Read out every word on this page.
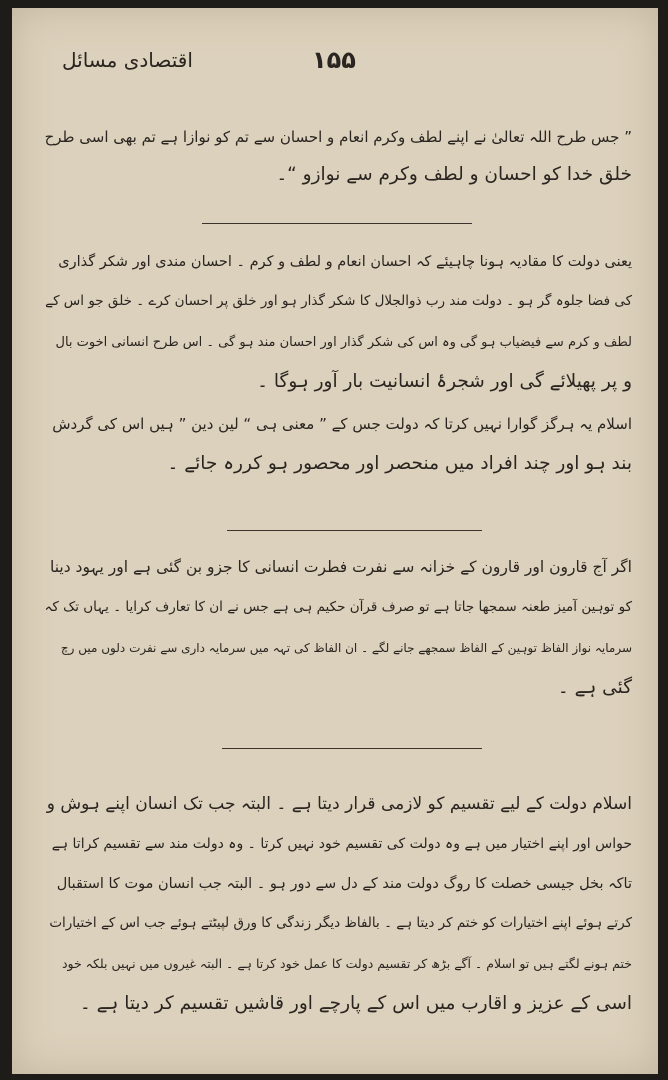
اقتصادی مسائل	۱۵۵
” جس طرح اللہ تعالیٰ نے اپنے لطف وکرم انعام و احسان سے تم کو نوازا ہے تم بھی اسی طرح
خلق خدا کو احسان و لطف وکرم سے نوازو “۔
یعنی دولت کا مقادیہ ہونا چاہیئے کہ احسان انعام و لطف و کرم ۔ احسان مندی اور شکر گذاری
کی فضا جلوہ گر ہو ۔ دولت مند رب ذوالجلال کا شکر گذار ہو اور خلق پر احسان کرے ۔ خلق جو اس کے
لطف و کرم سے فیضیاب ہو گی وہ اس کی شکر گذار اور احسان مند ہو گی ۔ اس طرح انسانی اخوت بال
و پر پھیلائے گی اور شجرۂ انسانیت بار آور ہوگا ۔
اسلام یہ ہرگز گوارا نہیں کرتا کہ دولت جس کے ” معنی ہی “ لین دین ” ہیں اس کی گردش
بند ہو اور چند افراد میں منحصر اور محصور ہو کررہ جائے ۔
اگر آج قارون اور قارون کے خزانہ سے نفرت فطرت انسانی کا جزو بن گئی ہے اور یہود دینا
کو توہین آمیز طعنہ سمجھا جاتا ہے تو صرف قرآن حکیم ہی ہے جس نے ان کا تعارف کرایا ۔ یہاں تک کہ
سرمایہ نواز الفاظ توہین کے الفاظ سمجھے جانے لگے ۔ ان الفاظ کی تہہ میں سرمایہ داری سے نفرت دلوں میں رچ
گئی ہے ۔
اسلام دولت کے لیے تقسیم کو لازمی قرار دیتا ہے ۔ البتہ جب تک انسان اپنے ہوش و
حواس اور اپنے اختیار میں ہے وہ دولت کی تقسیم خود نہیں کرتا ۔ وہ دولت مند سے تقسیم کراتا ہے
تاکہ بخل جیسی خصلت کا روگ دولت مند کے دل سے دور ہو ۔ البتہ جب انسان موت کا استقبال
کرتے ہوئے اپنے اختیارات کو ختم کر دیتا ہے ۔ بالفاظ دیگر زندگی کا ورق لپیٹتے ہوئے جب اس کے اختیارات
ختم ہونے لگتے ہیں تو اسلام ۔ آگے بڑھ کر تقسیم دولت کا عمل خود کرتا ہے ۔ البتہ غیروں میں نہیں بلکہ خود
اسی کے عزیز و اقارب میں اس کے پارچے اور قاشیں تقسیم کر دیتا ہے ۔
